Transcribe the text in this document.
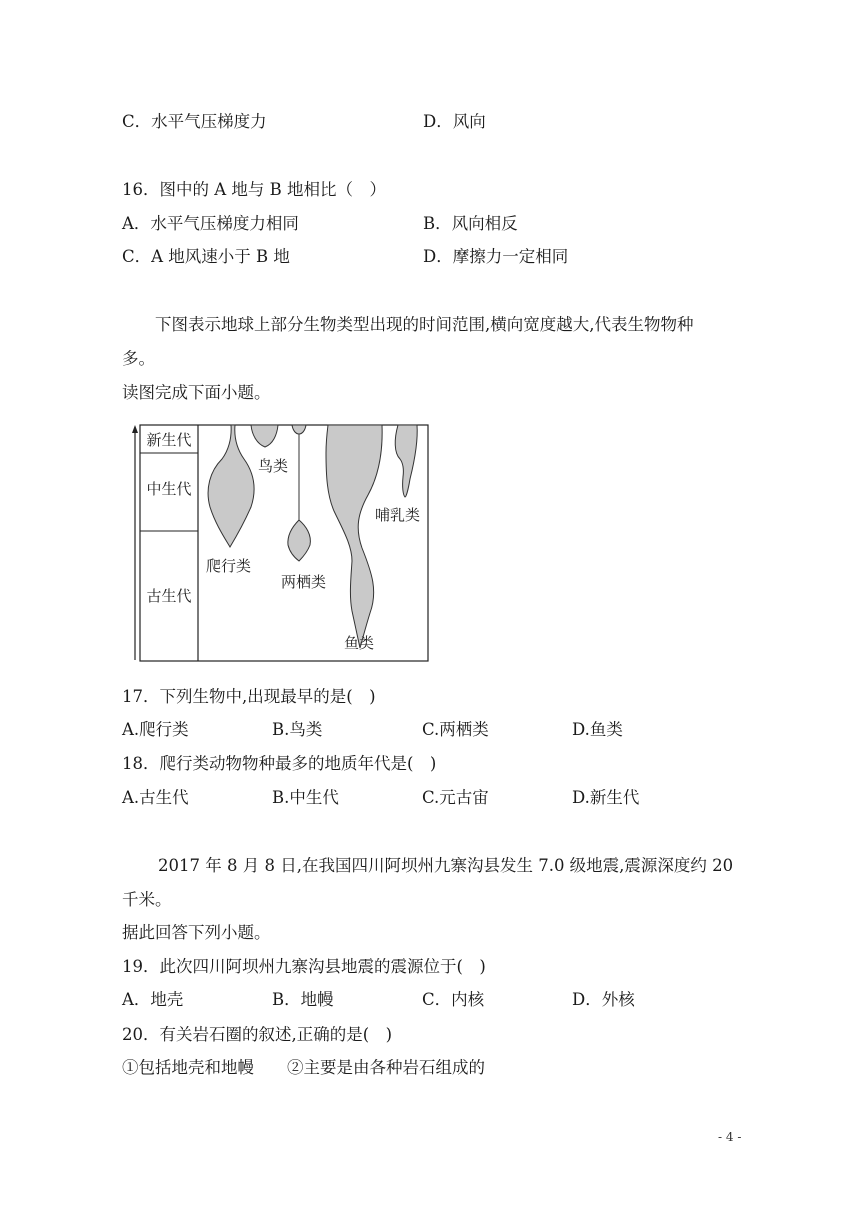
C．水平气压梯度力	D．风向
16．图中的 A 地与 B 地相比（　）
A．水平气压梯度力相同	B．风向相反
C．A 地风速小于 B 地	D．摩擦力一定相同
下图表示地球上部分生物类型出现的时间范围,横向宽度越大,代表生物物种
多。
读图完成下面小题。
新生代
中生代
古生代
鸟类
爬行类
两栖类
哺乳类
鱼类
17．下列生物中,出现最早的是(　)
A.爬行类	B.鸟类	C.两栖类	D.鱼类
18．爬行类动物物种最多的地质年代是(　)
A.古生代	B.中生代	C.元古宙	D.新生代
2017 年 8 月 8 日,在我国四川阿坝州九寨沟县发生 7.0 级地震,震源深度约 20
千米。
据此回答下列小题。
19．此次四川阿坝州九寨沟县地震的震源位于(　)
A．地壳	B．地幔	C．内核	D．外核
20．有关岩石圈的叙述,正确的是(　)
①包括地壳和地幔 ②主要是由各种岩石组成的
- 4 -
